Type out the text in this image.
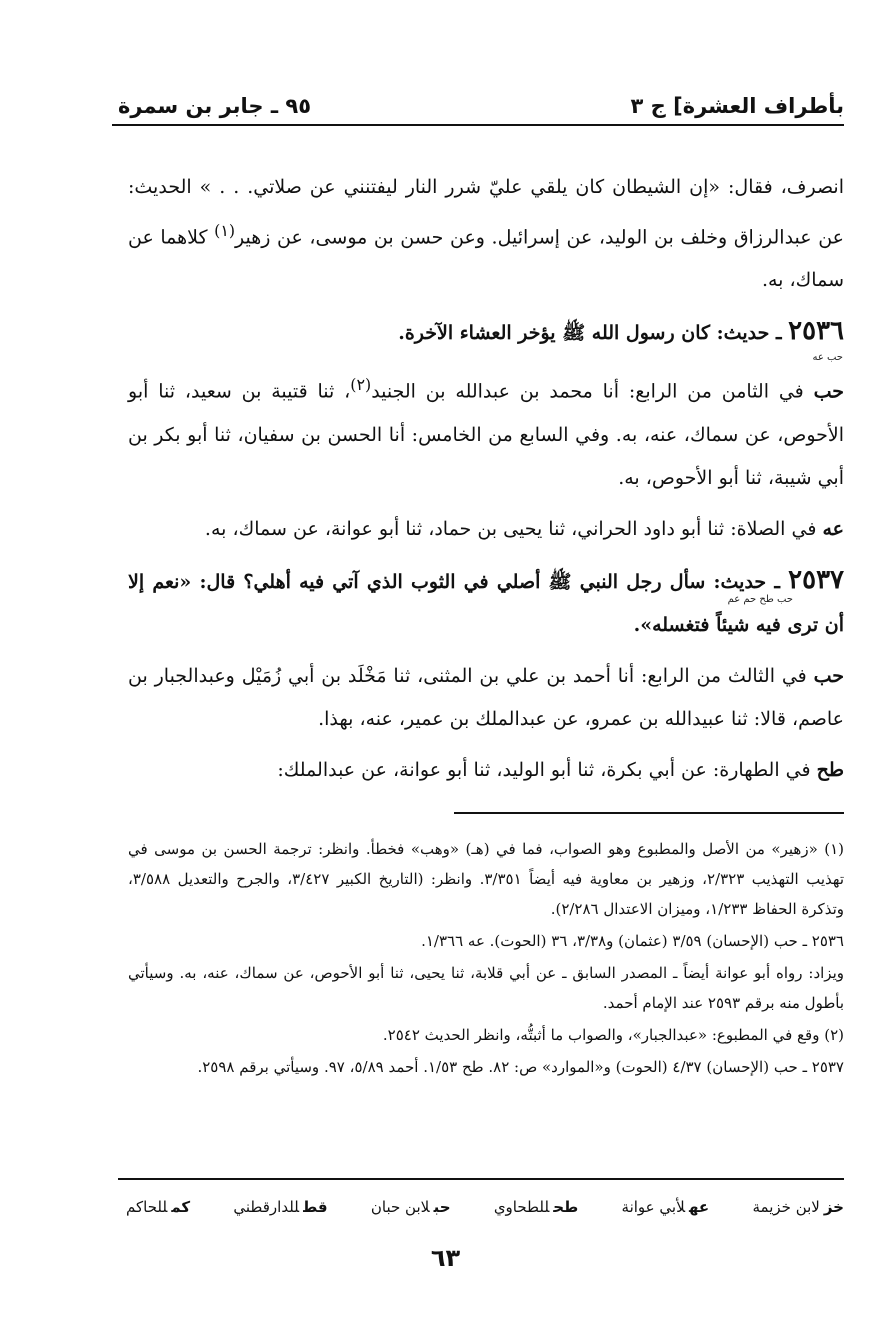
بأطراف العشرة] ج ٣
٩٥ ـ جابر بن سمرة

انصرف، فقال: «إن الشيطان كان يلقي عليّ شرر النار ليفتنني عن صلاتي. . . » الحديث: عن عبدالرزاق وخلف بن الوليد، عن إسرائيل. وعن حسن بن موسى، عن زهير$^{(١)}$ كلاهما عن سماك، به.

٢٥٣٦ ـ حديث: كان رسول الله ﷺ يؤخر العشاء الآخرة.

حب في الثامن من الرابع: أنا محمد بن عبدالله بن الجنيد$^{(٢)}$، ثنا قتيبة بن سعيد، ثنا أبو الأحوص، عن سماك، عنه، به. وفي السابع من الخامس: أنا الحسن بن سفيان، ثنا أبو بكر بن أبي شيبة، ثنا أبو الأحوص، به.

عه في الصلاة: ثنا أبو داود الحراني، ثنا يحيى بن حماد، ثنا أبو عوانة، عن سماك، به.

٢٥٣٧ ـ حديث: سأل رجل النبي ﷺ أصلي في الثوب الذي آتي فيه أهلي؟ قال: «نعم إلا أن ترى فيه شيئاً فتغسله».

حب في الثالث من الرابع: أنا أحمد بن علي بن المثنى، ثنا مَخْلَد بن أبي زُمَيْل وعبدالجبار بن عاصم، قالا: ثنا عبيدالله بن عمرو، عن عبدالملك بن عمير، عنه، بهذا.

طح في الطهارة: عن أبي بكرة، ثنا أبو الوليد، ثنا أبو عوانة، عن عبدالملك:

حب عه
حب طح حم عم

(١) «زهير» من الأصل والمطبوع وهو الصواب، فما في (هـ) «وهب» فخطأ. وانظر: ترجمة الحسن بن موسى في تهذيب التهذيب ٢/٣٢٣، وزهير بن معاوية فيه أيضاً ٣/٣٥١. وانظر: (التاريخ الكبير ٣/٤٢٧، والجرح والتعديل ٣/٥٨٨، وتذكرة الحفاظ ١/٢٣٣، وميزان الاعتدال ٢/٢٨٦).

٢٥٣٦ ـ حب (الإحسان) ٣/٥٩ (عثمان) و٣/٣٨، ٣٦ (الحوت). عه ١/٣٦٦.

ويزاد: رواه أبو عوانة أيضاً ـ المصدر السابق ـ عن أبي قلابة، ثنا يحيى، ثنا أبو الأحوص، عن سماك، عنه، به. وسيأتي بأطول منه برقم ٢٥٩٣ عند الإمام أحمد.

(٢) وقع في المطبوع: «عبدالجبار»، والصواب ما أثبتُّه، وانظر الحديث ٢٥٤٢.

٢٥٣٧ ـ حب (الإحسان) ٤/٣٧ (الحوت) و«الموارد» ص: ٨٢. طح ١/٥٣. أحمد ٥/٨٩، ٩٧. وسيأتي برقم ٢٥٩٨.

خزلابن خزيمة
عهلأبي عوانة
طحللطحاوي
حبلابن حبان
قطللدارقطني
كمللحاكم
٦٣
